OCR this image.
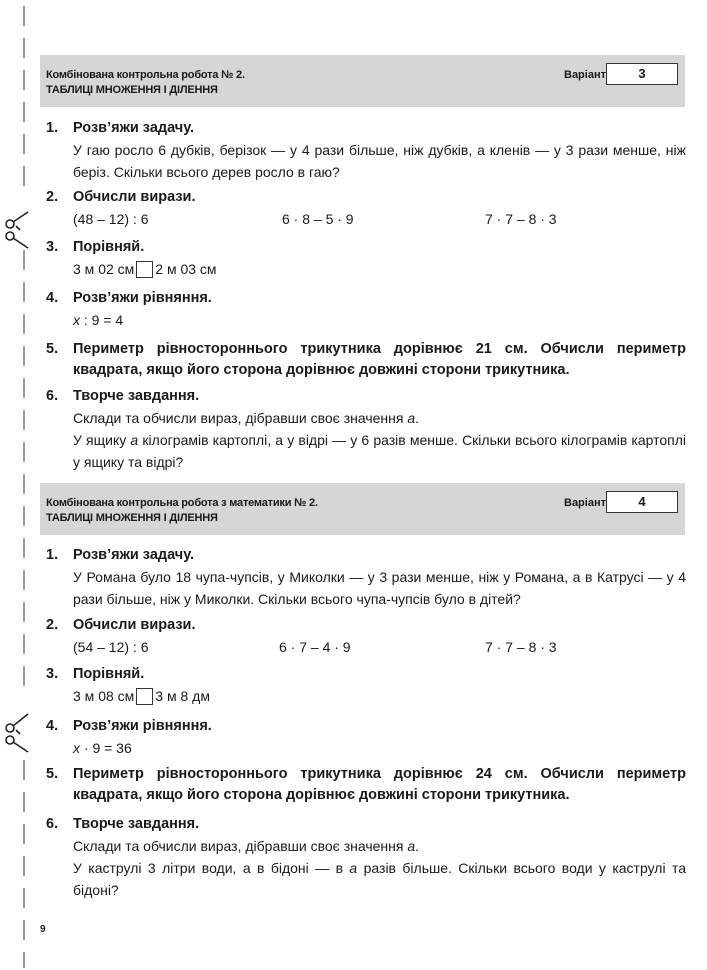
Комбінована контрольна робота № 2.
ТАБЛИЦІ МНОЖЕННЯ І ДІЛЕННЯ
Варіант	3
1. Розв’яжи задачу.
У гаю росло 6 дубків, берізок — у 4 рази більше, ніж дубків, а кленів — у 3 рази менше, ніж беріз. Скільки всього дерев росло в гаю?
2. Обчисли вирази.
(48 – 12) : 6	6 · 8 – 5 · 9	7 · 7 – 8 · 3
3. Порівняй.
3 м 02 см 2 м 03 см
4. Розв’яжи рівняння.
x : 9 = 4
5. Периметр рівностороннього трикутника дорівнює 21 см. Обчисли периметр квадрата, якщо його сторона дорівнює довжині сторони трикутника.
6. Творче завдання.
Склади та обчисли вираз, дібравши своє значення a.
У ящику a кілограмів картоплі, а у відрі — у 6 разів менше. Скільки всього кілограмів картоплі у ящику та відрі?
Комбінована контрольна робота з математики № 2.
ТАБЛИЦІ МНОЖЕННЯ І ДІЛЕННЯ
Варіант	4
1. Розв’яжи задачу.
У Романа було 18 чупа-чупсів, у Миколки — у 3 рази менше, ніж у Романа, а в Катрусі — у 4 рази більше, ніж у Миколки. Скільки всього чупа-чупсів було в дітей?
2. Обчисли вирази.
(54 – 12) : 6	6 · 7 – 4 · 9	7 · 7 – 8 · 3
3. Порівняй.
3 м 08 см 3 м 8 дм
4. Розв’яжи рівняння.
x · 9 = 36
5. Периметр рівностороннього трикутника дорівнює 24 см. Обчисли периметр квадрата, якщо його сторона дорівнює довжині сторони трикутника.
6. Творче завдання.
Склади та обчисли вираз, дібравши своє значення a.
У каструлі 3 літри води, а в бідоні — в a разів більше. Скільки всього води у каструлі та бідоні?
9
